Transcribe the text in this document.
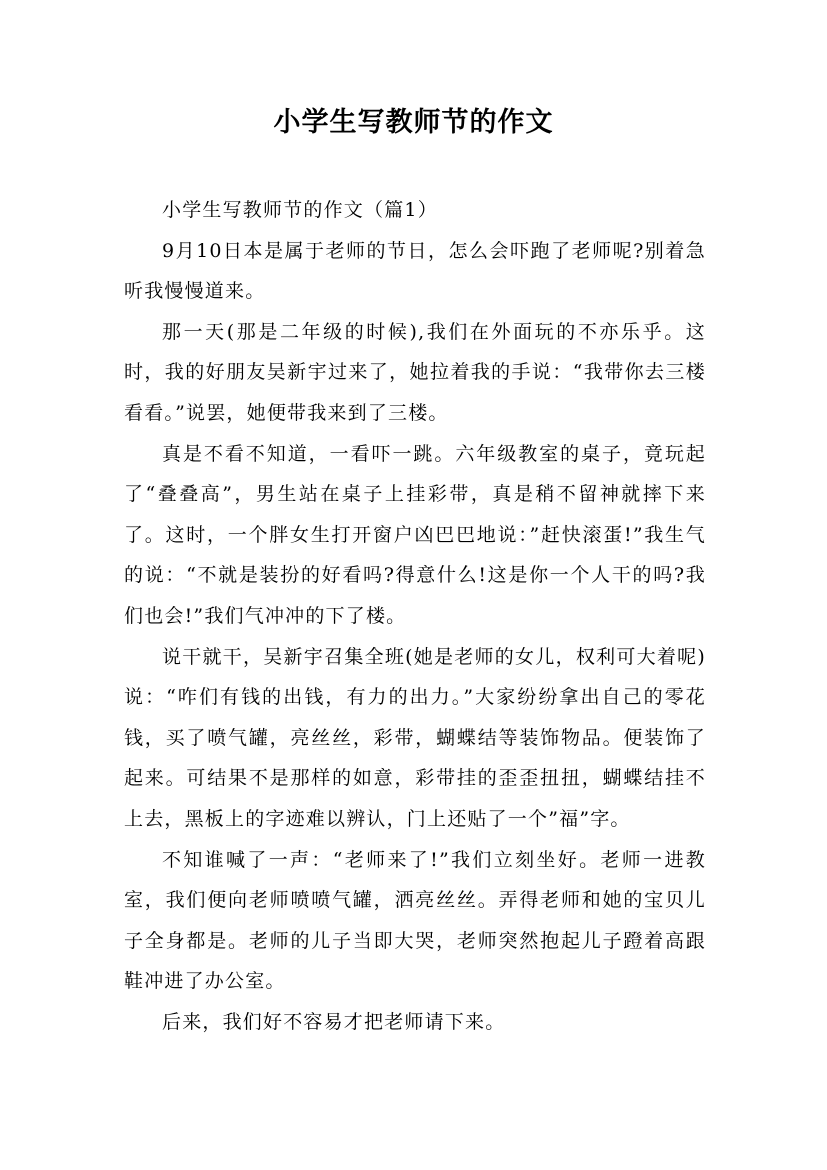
小学生写教师节的作文

小学生写教师节的作文（篇1）

9月10日本是属于老师的节日，怎么会吓跑了老师呢?别着急听我慢慢道来。

那一天(那是二年级的时候),我们在外面玩的不亦乐乎。这时，我的好朋友吴新宇过来了，她拉着我的手说：“我带你去三楼看看。”说罢，她便带我来到了三楼。

真是不看不知道，一看吓一跳。六年级教室的桌子，竟玩起了“叠叠高”，男生站在桌子上挂彩带，真是稍不留神就摔下来了。这时，一个胖女生打开窗户凶巴巴地说：”赶快滚蛋!”我生气的说：“不就是装扮的好看吗?得意什么!这是你一个人干的吗?我们也会!”我们气冲冲的下了楼。

说干就干，吴新宇召集全班(她是老师的女儿，权利可大着呢)说：“咋们有钱的出钱，有力的出力。”大家纷纷拿出自己的零花钱，买了喷气罐，亮丝丝，彩带，蝴蝶结等装饰物品。便装饰了起来。可结果不是那样的如意，彩带挂的歪歪扭扭，蝴蝶结挂不上去，黑板上的字迹难以辨认，门上还贴了一个”福”字。

不知谁喊了一声：“老师来了!”我们立刻坐好。老师一进教室，我们便向老师喷喷气罐，洒亮丝丝。弄得老师和她的宝贝儿子全身都是。老师的儿子当即大哭，老师突然抱起儿子蹬着高跟鞋冲进了办公室。

后来，我们好不容易才把老师请下来。
